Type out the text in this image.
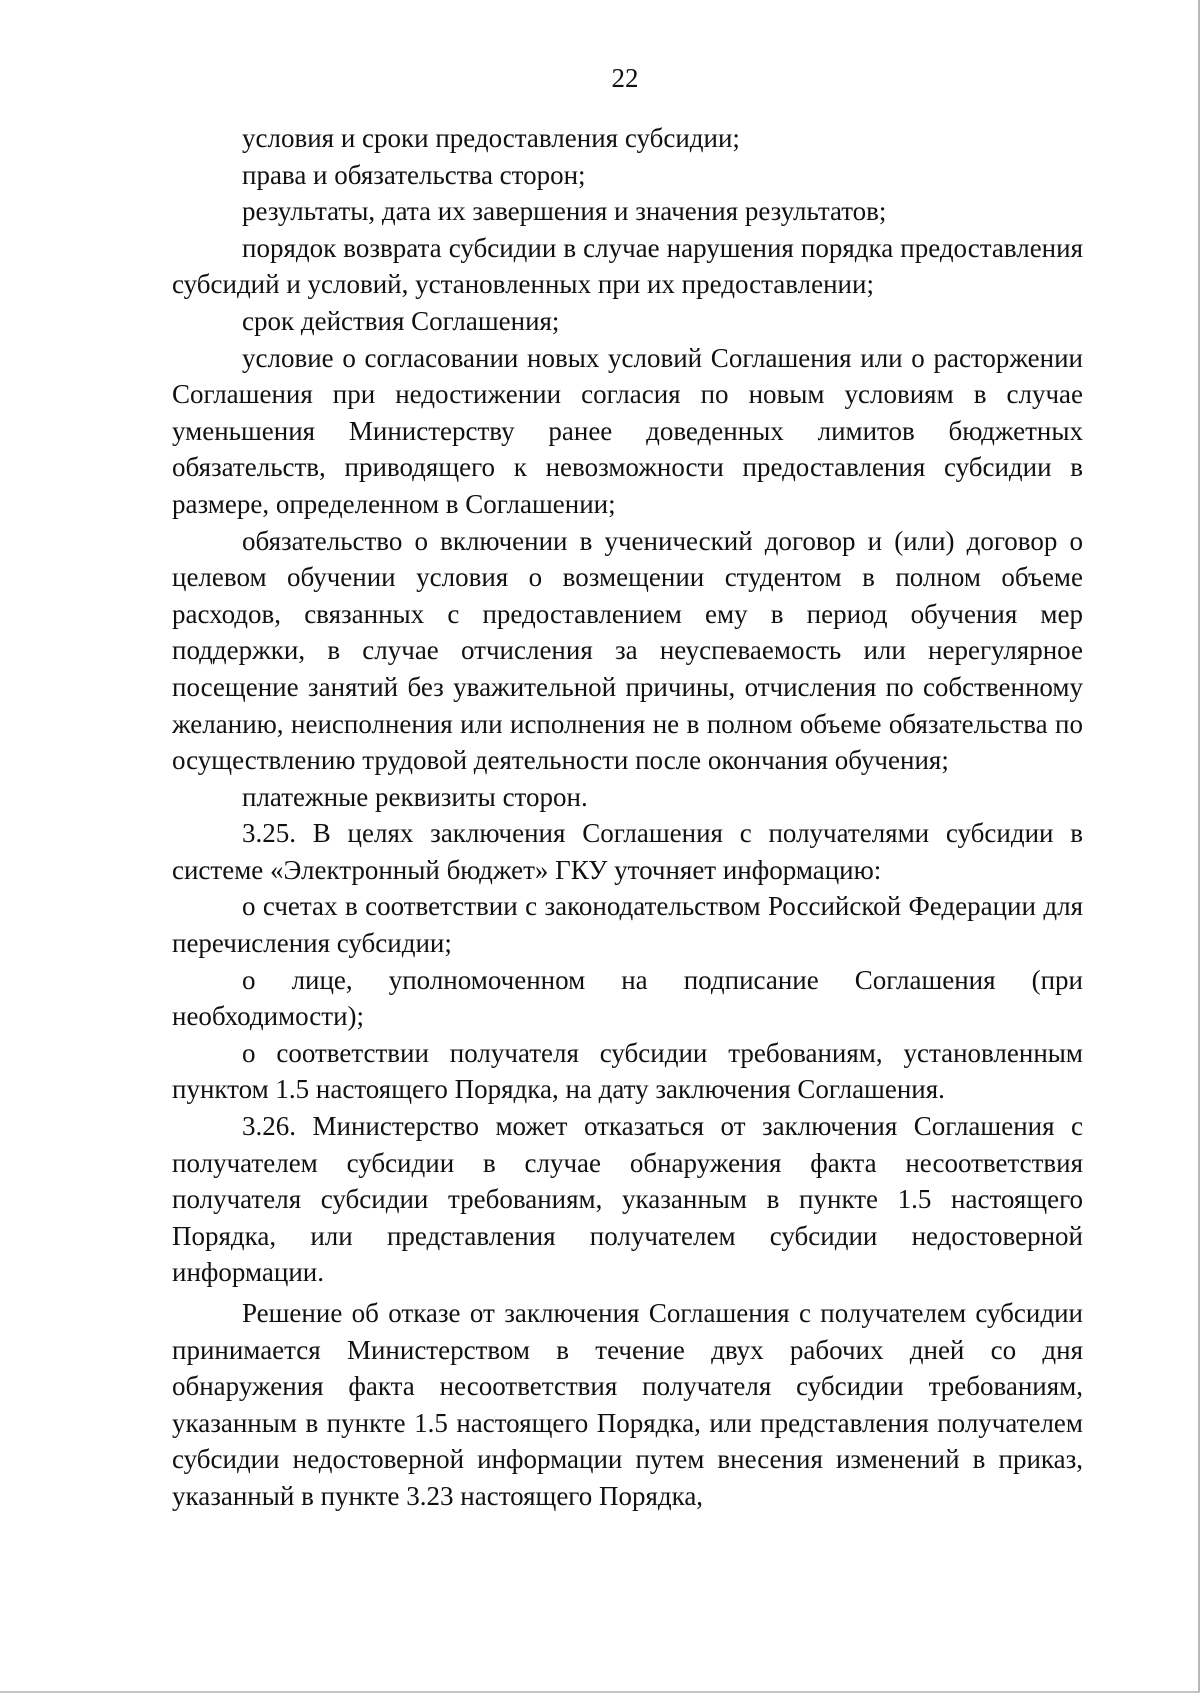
22

условия и сроки предоставления субсидии;

права и обязательства сторон;

результаты, дата их завершения и значения результатов;

порядок возврата субсидии в случае нарушения порядка предоставления субсидий и условий, установленных при их предоставлении;

срок действия Соглашения;

условие о согласовании новых условий Соглашения или о расторжении Соглашения при недостижении согласия по новым условиям в случае уменьшения Министерству ранее доведенных лимитов бюджетных обязательств, приводящего к невозможности предоставления субсидии в размере, определенном в Соглашении;

обязательство о включении в ученический договор и (или) договор о целевом обучении условия о возмещении студентом в полном объеме расходов, связанных с предоставлением ему в период обучения мер поддержки, в случае отчисления за неуспеваемость или нерегулярное посещение занятий без уважительной причины, отчисления по собственному желанию, неисполнения или исполнения не в полном объеме обязательства по осуществлению трудовой деятельности после окончания обучения;

платежные реквизиты сторон.

3.25. В целях заключения Соглашения с получателями субсидии в системе «Электронный бюджет» ГКУ уточняет информацию:

о счетах в соответствии с законодательством Российской Федерации для перечисления субсидии;

о лице, уполномоченном на подписание Соглашения (при необходимости);

о соответствии получателя субсидии требованиям, установленным пунктом 1.5 настоящего Порядка, на дату заключения Соглашения.

3.26. Министерство может отказаться от заключения Соглашения с получателем субсидии в случае обнаружения факта несоответствия получателя субсидии требованиям, указанным в пункте 1.5 настоящего Порядка, или представления получателем субсидии недостоверной информации.

Решение об отказе от заключения Соглашения с получателем субсидии принимается Министерством в течение двух рабочих дней со дня обнаружения факта несоответствия получателя субсидии требованиям, указанным в пункте 1.5 настоящего Порядка, или представления получателем субсидии недостоверной информации путем внесения изменений в приказ, указанный в пункте 3.23 настоящего Порядка,
